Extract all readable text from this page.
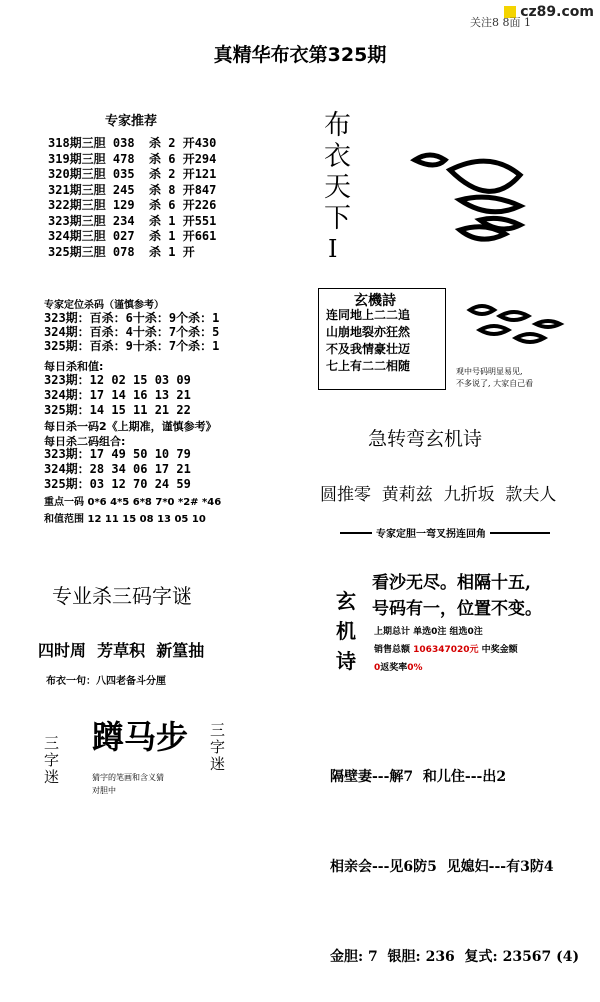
cz89.com
关注8 8面 1
真精华布衣第325期
专家推荐
318期三胆 038  杀 2 开430
319期三胆 478  杀 6 开294
320期三胆 035  杀 2 开121
321期三胆 245  杀 8 开847
322期三胆 129  杀 6 开226
323期三胆 234  杀 1 开551
324期三胆 027  杀 1 开661
325期三胆 078  杀 1 开
专家定位杀码（谨慎参考）
323期：百杀：6十杀：9个杀：1
324期：百杀：4十杀：7个杀：5
325期：百杀：9十杀：7个杀：1
每日杀和值:
323期：12 02 15 03 09
324期：17 14 16 13 21
325期：14 15 11 21 22
每日杀一码2《上期准，谨慎参考》
每日杀二码组合:
323期：17 49 50 10 79
324期：28 34 06 17 21
325期：03 12 70 24 59
重点一码 0*6 4*5 6*8 7*0 *2# *46
和值范围 12 11 15 08 13 05 10
专业杀三码字谜
四时周  芳草积  新篁抽
布衣一句：八四老备斗分厘
三
字
迷
蹲马步
猜字的笔画和含义猜
对胆中
三
字
迷
布
衣
天
下
I
玄機詩
连同地上二二追
山崩地裂亦狂然
不及我情豪壮迈
七上有二二相随	观中号码明显易见,
不多说了, 大家自己看
急转弯玄机诗
圆推零  黄莉兹  九折坂  款夫人
专家定胆一弯叉拐连回角
玄
机
诗
看沙无尽。相隔十五,
号码有一，位置不变。
上期总计 单选0注 组选0注
销售总额 106347020元 中奖金额
0返奖率0%

隔壁妻---解7  和儿住---出2

相亲会---见6防5  见媳妇---有3防4

金胆: 7  银胆: 236  复式: 23567 (4)
